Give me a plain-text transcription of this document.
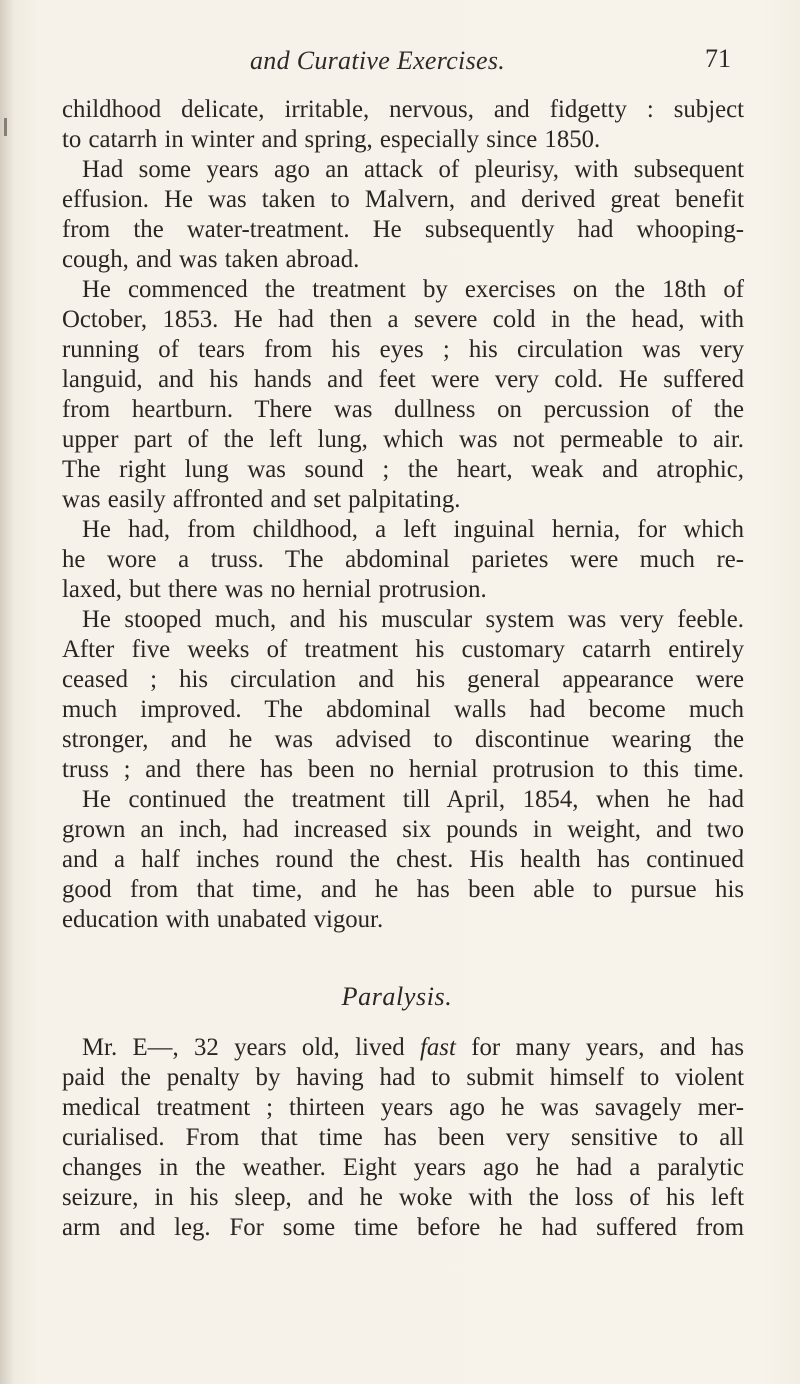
and Curative Exercises.	71
childhood delicate, irritable, nervous, and fidgetty : subject
to catarrh in winter and spring, especially since 1850.
Had some years ago an attack of pleurisy, with subsequent
effusion. He was taken to Malvern, and derived great benefit
from the water-treatment. He subsequently had whooping-
cough, and was taken abroad.
He commenced the treatment by exercises on the 18th of
October, 1853. He had then a severe cold in the head, with
running of tears from his eyes ; his circulation was very
languid, and his hands and feet were very cold. He suffered
from heartburn. There was dullness on percussion of the
upper part of the left lung, which was not permeable to air.
The right lung was sound ; the heart, weak and atrophic,
was easily affronted and set palpitating.
He had, from childhood, a left inguinal hernia, for which
he wore a truss. The abdominal parietes were much re-
laxed, but there was no hernial protrusion.
He stooped much, and his muscular system was very feeble.
After five weeks of treatment his customary catarrh entirely
ceased ; his circulation and his general appearance were
much improved. The abdominal walls had become much
stronger, and he was advised to discontinue wearing the
truss ; and there has been no hernial protrusion to this time.
He continued the treatment till April, 1854, when he had
grown an inch, had increased six pounds in weight, and two
and a half inches round the chest. His health has continued
good from that time, and he has been able to pursue his
education with unabated vigour.
Paralysis.
Mr. E—, 32 years old, lived fast for many years, and has
paid the penalty by having had to submit himself to violent
medical treatment ; thirteen years ago he was savagely mer-
curialised. From that time has been very sensitive to all
changes in the weather. Eight years ago he had a paralytic
seizure, in his sleep, and he woke with the loss of his left
arm and leg. For some time before he had suffered from
